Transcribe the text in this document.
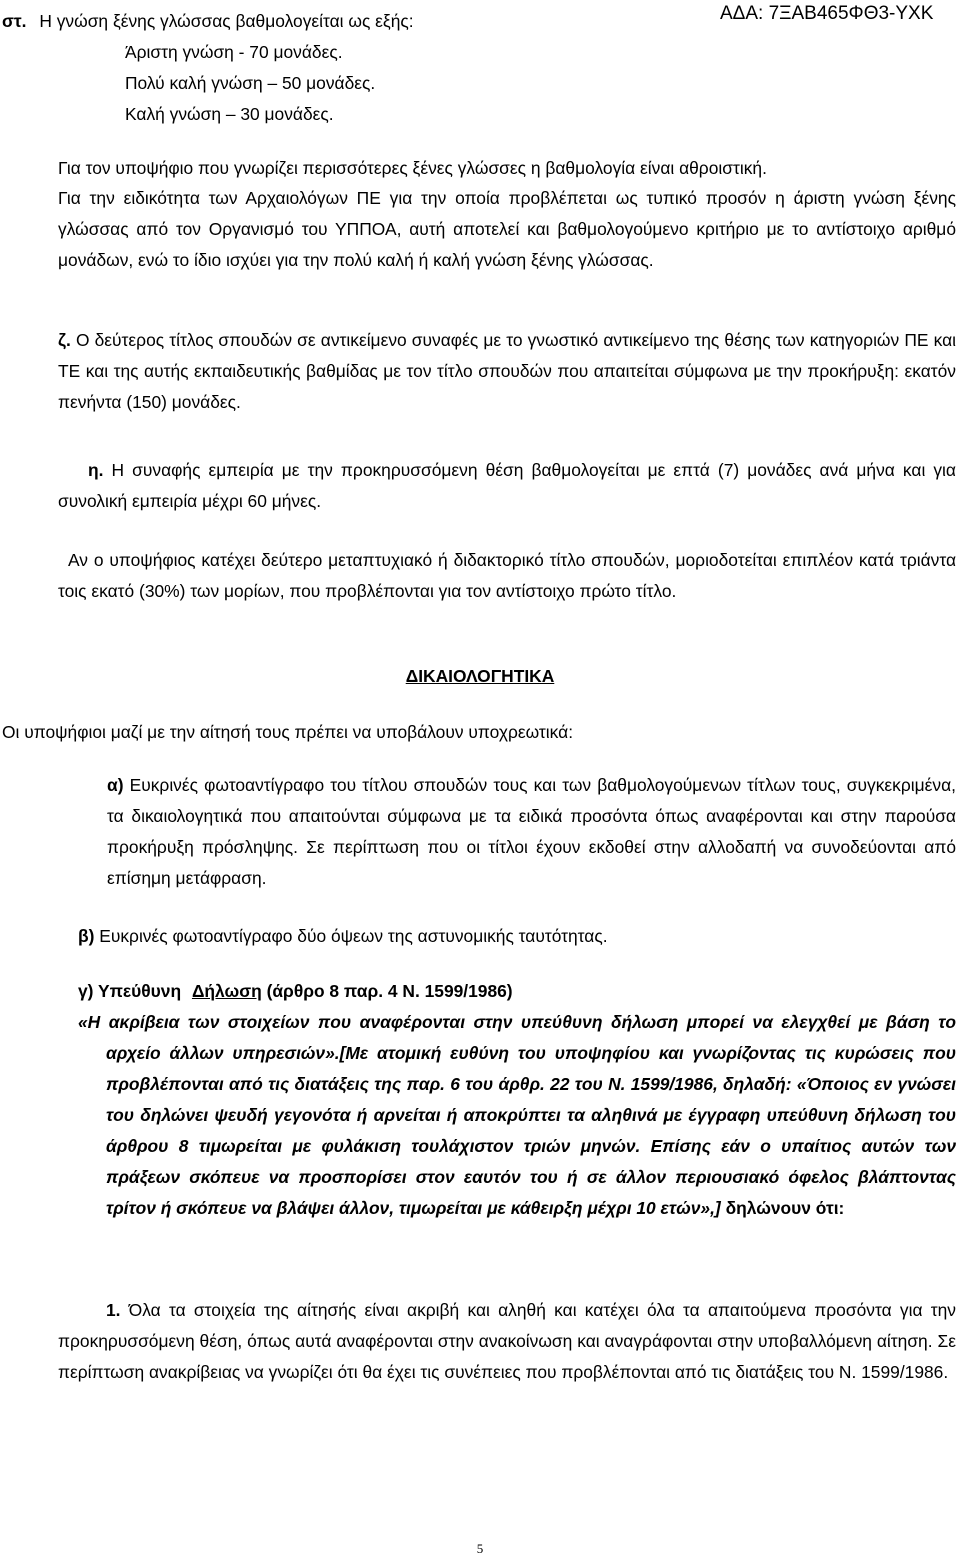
ΑΔΑ: 7ΞΑΒ465ΦΘ3-ΥΧΚ
στ. Η γνώση ξένης γλώσσας βαθμολογείται ως εξής:
Άριστη γνώση - 70 μονάδες.
Πολύ καλή γνώση – 50 μονάδες.
Καλή γνώση – 30 μονάδες.
Για τον υποψήφιο που γνωρίζει περισσότερες ξένες γλώσσες η βαθμολογία είναι αθροιστική.
Για την ειδικότητα των Αρχαιολόγων ΠΕ για την οποία προβλέπεται ως τυπικό προσόν η άριστη γνώση ξένης γλώσσας από τον Οργανισμό του ΥΠΠΟΑ, αυτή αποτελεί και βαθμολογούμενο κριτήριο με το αντίστοιχο αριθμό μονάδων, ενώ το ίδιο ισχύει για την πολύ καλή ή καλή γνώση ξένης γλώσσας.
ζ. Ο δεύτερος τίτλος σπουδών σε αντικείμενο συναφές με το γνωστικό αντικείμενο της θέσης των κατηγοριών ΠΕ και ΤΕ και της αυτής εκπαιδευτικής βαθμίδας με τον τίτλο σπουδών που απαιτείται σύμφωνα με την προκήρυξη: εκατόν πενήντα (150) μονάδες.
η. Η συναφής εμπειρία με την προκηρυσσόμενη θέση βαθμολογείται με επτά (7) μονάδες ανά μήνα και για συνολική εμπειρία μέχρι 60 μήνες.
Αν ο υποψήφιος κατέχει δεύτερο μεταπτυχιακό ή διδακτορικό τίτλο σπουδών, μοριοδοτείται επιπλέον κατά τριάντα τοις εκατό (30%) των μορίων, που προβλέπονται για τον αντίστοιχο πρώτο τίτλο.
ΔΙΚΑΙΟΛΟΓΗΤΙΚΑ
Οι υποψήφιοι μαζί με την αίτησή τους πρέπει να υποβάλουν υποχρεωτικά:
α) Ευκρινές φωτοαντίγραφο του τίτλου σπουδών τους και των βαθμολογούμενων τίτλων τους, συγκεκριμένα, τα δικαιολογητικά που απαιτούνται σύμφωνα με τα ειδικά προσόντα όπως αναφέρονται και στην παρούσα προκήρυξη πρόσληψης. Σε περίπτωση που οι τίτλοι έχουν εκδοθεί στην αλλοδαπή να συνοδεύονται από επίσημη μετάφραση.
β) Ευκρινές φωτοαντίγραφο δύο όψεων της αστυνομικής ταυτότητας.
γ) Υπεύθυνη Δήλωση (άρθρο 8 παρ. 4 Ν. 1599/1986)
«Η ακρίβεια των στοιχείων που αναφέρονται στην υπεύθυνη δήλωση μπορεί να ελεγχθεί με βάση το αρχείο άλλων υπηρεσιών».[Με ατομική ευθύνη του υποψηφίου και γνωρίζοντας τις κυρώσεις που προβλέπονται από τις διατάξεις της παρ. 6 του άρθρ. 22 του Ν. 1599/1986, δηλαδή: «Όποιος εν γνώσει του δηλώνει ψευδή γεγονότα ή αρνείται ή αποκρύπτει τα αληθινά με έγγραφη υπεύθυνη δήλωση του άρθρου 8 τιμωρείται με φυλάκιση τουλάχιστον τριών μηνών. Επίσης εάν ο υπαίτιος αυτών των πράξεων σκόπευε να προσπορίσει στον εαυτόν του ή σε άλλον περιουσιακό όφελος βλάπτοντας τρίτον ή σκόπευε να βλάψει άλλον, τιμωρείται με κάθειρξη μέχρι 10 ετών»,] δηλώνουν ότι:
1. Όλα τα στοιχεία της αίτησής είναι ακριβή και αληθή και κατέχει όλα τα απαιτούμενα προσόντα για την προκηρυσσόμενη θέση, όπως αυτά αναφέρονται στην ανακοίνωση και αναγράφονται στην υποβαλλόμενη αίτηση. Σε περίπτωση ανακρίβειας να γνωρίζει ότι θα έχει τις συνέπειες που προβλέπονται από τις διατάξεις του Ν. 1599/1986.
5
